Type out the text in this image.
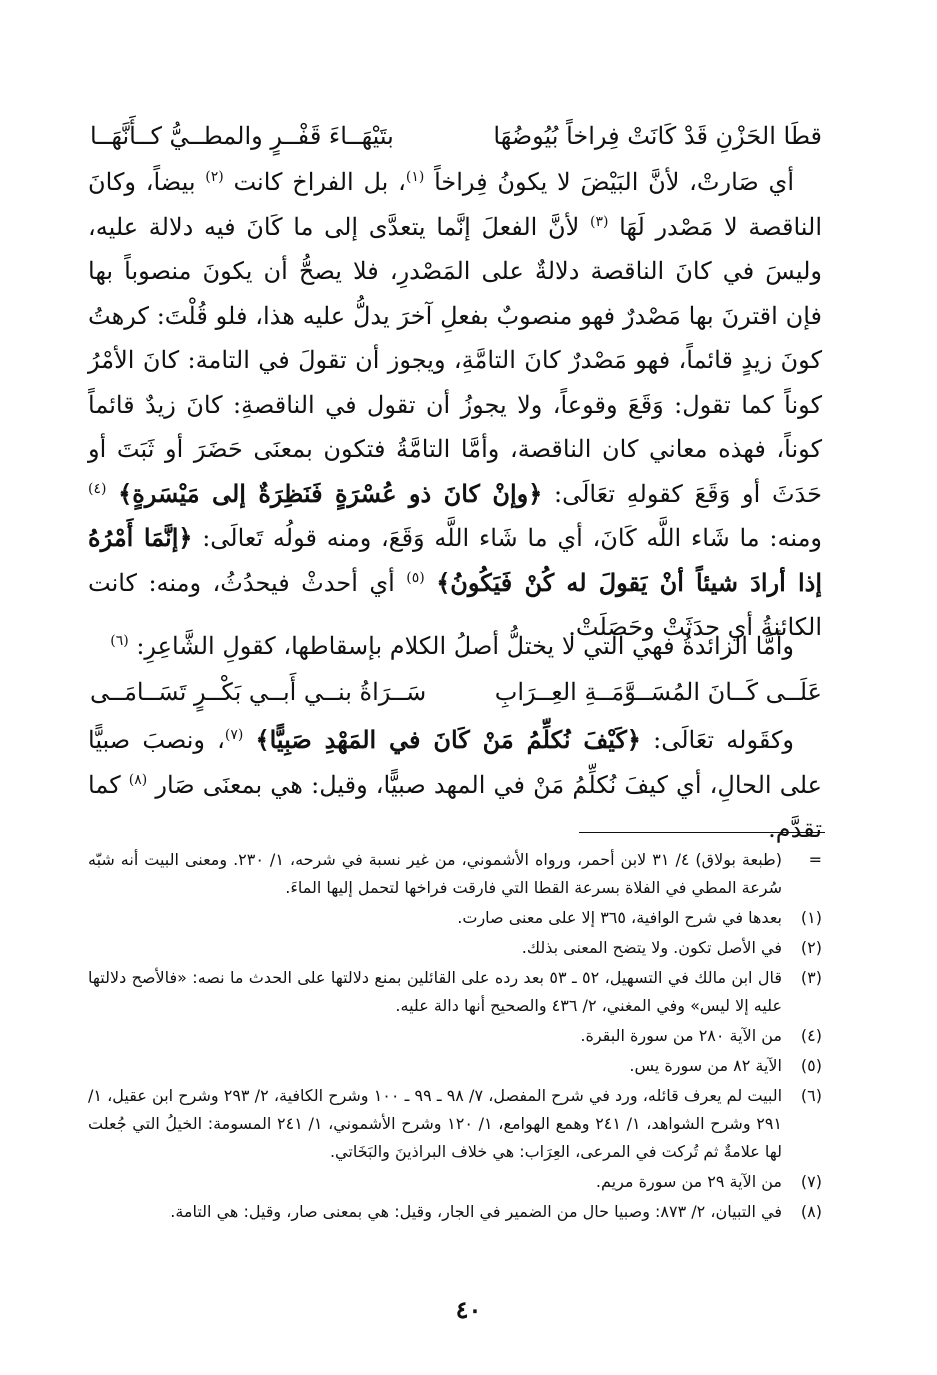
قطَا الحَزْنِ قَدْ كَانَتْ فِراخاً بُيُوضُهَا
بتَيْهَــاءَ قَفْــرٍ والمطــيُّ كــأَنَّهَــا

أي صَارتْ، لأنَّ البَيْضَ لا يكونُ فِراخاً $^{(١)}$، بل الفراخ كانت $^{(٢)}$ بيضاً، وكانَ الناقصة لا مَصْدر لَهَا $^{(٣)}$ لأنَّ الفعلَ إنَّما يتعدَّى إلى ما كَانَ فيه دلالة عليه، وليسَ في كانَ الناقصة دلالةٌ على المَصْدرِ، فلا يصحُّ أن يكونَ منصوباً بها فإن اقترنَ بها مَصْدرٌ فهو منصوبٌ بفعلِ آخرَ يدلُّ عليه هذا، فلو قُلْتَ: كرهتُ كونَ زيدٍ قائماً، فهو مَصْدرٌ كانَ التامَّةِ، ويجوز أن تقولَ في التامة: كانَ الأمْرُ كوناً كما تقول: وَقَعَ وقوعاً، ولا يجوزُ أن تقول في الناقصةِ: كانَ زيدٌ قائماً كوناً، فهذه معاني كان الناقصة، وأمَّا التامَّةُ فتكون بمعنَى حَضَرَ أو ثَبَتَ أو حَدَثَ أو وَقَعَ كقولهِ تعَالَى: ﴿وإنْ كانَ ذو عُسْرَةٍ فَنَظِرَةٌ إلى مَيْسَرةٍ﴾ $^{(٤)}$ ومنه: ما شَاء اللَّه كَانَ، أي ما شَاء اللَّه وَقَعَ، ومنه قولُه تَعالَى: ﴿إنَّمَا أَمْرُهُ إذا أرادَ شيئاً أنْ يَقولَ له كُنْ فَيَكُونُ﴾ $^{(٥)}$ أي أحدثْ فيحدُثُ، ومنه: كانت الكائنةُ أي حدَثَتْ وحَصَلَتْ.

وأمَّا الزائدةُ فهي التي لا يختلُّ أصلُ الكلام بإسقاطها، كقولِ الشَّاعِرِ: $^{(٦)}$

عَلَــى كَــانَ المُسَــوَّمَــةِ العِــرَابِ
سَــرَاةُ بنــي أَبــي بَكْــرٍ تَسَــامَــى

وكقَوله تعَالَى: ﴿كَيْفَ نُكلِّمُ مَنْ كَانَ في المَهْدِ صَبِيًّا﴾ $^{(٧)}$، ونصبَ صبيًّا على الحالِ، أي كيفَ نُكلِّمُ مَنْ في المهد صبيًّا، وقيل: هي بمعنَى صَار $^{(٨)}$ كما تقدَّم.

=
(طبعة بولاق) ٤/ ٣١ لابن أحمر، ورواه الأشموني، من غير نسبة في شرحه، ١/ ٢٣٠. ومعنى البيت أنه شبّه سُرعة المطي في الفلاة بسرعة القطا التي فارقت فراخها لتحمل إليها الماءَ.
(١)
بعدها في شرح الوافية، ٣٦٥ إلا على معنى صارت.
(٢)
في الأصل تكون. ولا يتضح المعنى بذلك.
(٣)
قال ابن مالك في التسهيل، ٥٢ ـ ٥٣ بعد رده على القائلين بمنع دلالتها على الحدث ما نصه: «فالأصح دلالتها عليه إلا ليس» وفي المغني، ٢/ ٤٣٦ والصحيح أنها دالة عليه.
(٤)
من الآية ٢٨٠ من سورة البقرة.
(٥)
الآية ٨٢ من سورة يس.
(٦)
البيت لم يعرف قائله، ورد في شرح المفصل، ٧/ ٩٨ ـ ٩٩ ـ ١٠٠ وشرح الكافية، ٢/ ٢٩٣ وشرح ابن عقيل، ١/ ٢٩١ وشرح الشواهد، ١/ ٢٤١ وهمع الهوامع، ١/ ١٢٠ وشرح الأشموني، ١/ ٢٤١ المسومة: الخيلُ التي جُعلت لها علامةٌ ثم تُركت في المرعى، العِرَاب: هي خلاف البراذينَ والبَخَاتي.
(٧)
من الآية ٢٩ من سورة مريم.
(٨)
في التبيان، ٢/ ٨٧٣: وصبيا حال من الضمير في الجار، وقيل: هي بمعنى صار، وقيل: هي التامة.
٤٠
